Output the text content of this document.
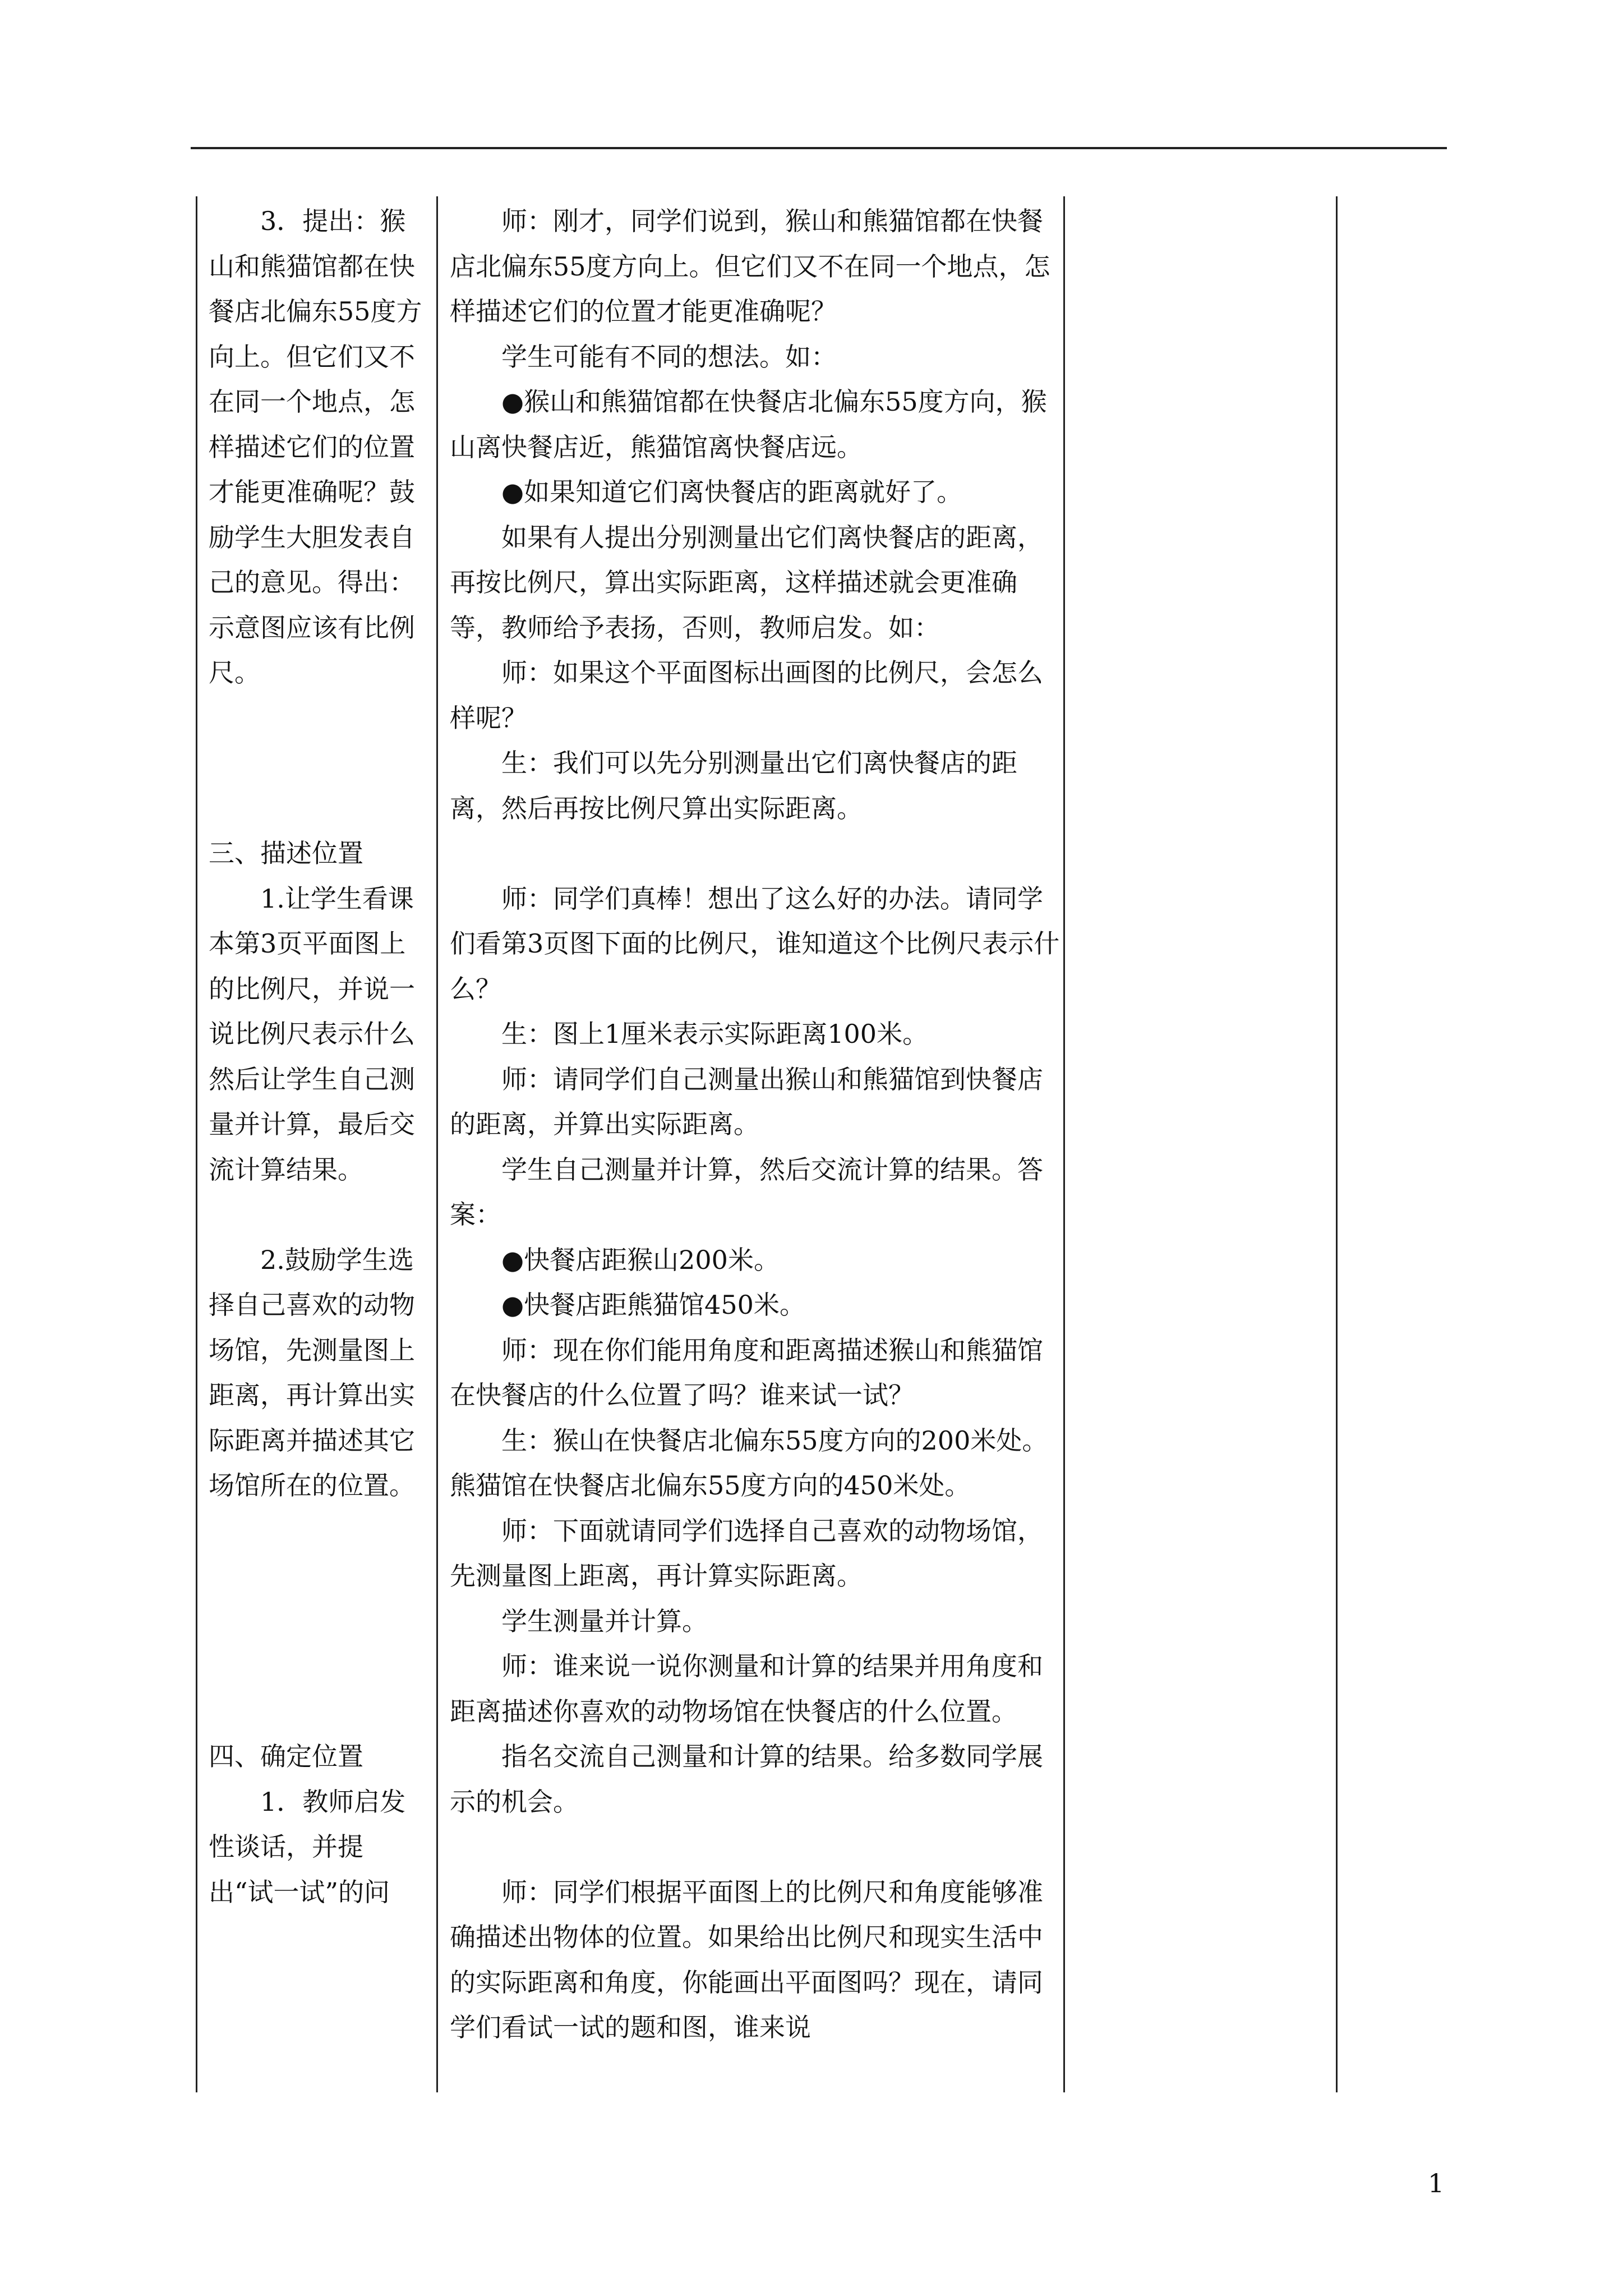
3．提出：猴山和熊猫馆都在快餐店北偏东55度方向上。但它们又不在同一个地点，怎样描述它们的位置才能更准确呢？鼓励学生大胆发表自己的意见。得出：示意图应该有比例尺。

三、描述位置

1.让学生看课本第3页平面图上的比例尺，并说一说比例尺表示什么然后让学生自己测量并计算，最后交流计算结果。

2.鼓励学生选择自己喜欢的动物场馆，先测量图上距离，再计算出实际距离并描述其它场馆所在的位置。

四、确定位置

1．教师启发性谈话，并提出“试一试”的问

师：刚才，同学们说到，猴山和熊猫馆都在快餐店北偏东55度方向上。但它们又不在同一个地点，怎样描述它们的位置才能更准确呢？

学生可能有不同的想法。如：

●猴山和熊猫馆都在快餐店北偏东55度方向，猴山离快餐店近，熊猫馆离快餐店远。

●如果知道它们离快餐店的距离就好了。

如果有人提出分别测量出它们离快餐店的距离，再按比例尺，算出实际距离，这样描述就会更准确等，教师给予表扬，否则，教师启发。如：

师：如果这个平面图标出画图的比例尺，会怎么样呢？

生：我们可以先分别测量出它们离快餐店的距离，然后再按比例尺算出实际距离。

师：同学们真棒！想出了这么好的办法。请同学们看第3页图下面的比例尺，谁知道这个比例尺表示什么？

生：图上1厘米表示实际距离100米。

师：请同学们自己测量出猴山和熊猫馆到快餐店的距离，并算出实际距离。

学生自己测量并计算，然后交流计算的结果。答案：

●快餐店距猴山200米。

●快餐店距熊猫馆450米。

师：现在你们能用角度和距离描述猴山和熊猫馆在快餐店的什么位置了吗？谁来试一试？

生：猴山在快餐店北偏东55度方向的200米处。熊猫馆在快餐店北偏东55度方向的450米处。

师：下面就请同学们选择自己喜欢的动物场馆，先测量图上距离，再计算实际距离。

学生测量并计算。

师：谁来说一说你测量和计算的结果并用角度和距离描述你喜欢的动物场馆在快餐店的什么位置。

指名交流自己测量和计算的结果。给多数同学展示的机会。

师：同学们根据平面图上的比例尺和角度能够准确描述出物体的位置。如果给出比例尺和现实生活中的实际距离和角度，你能画出平面图吗？现在，请同学们看试一试的题和图，谁来说

1
